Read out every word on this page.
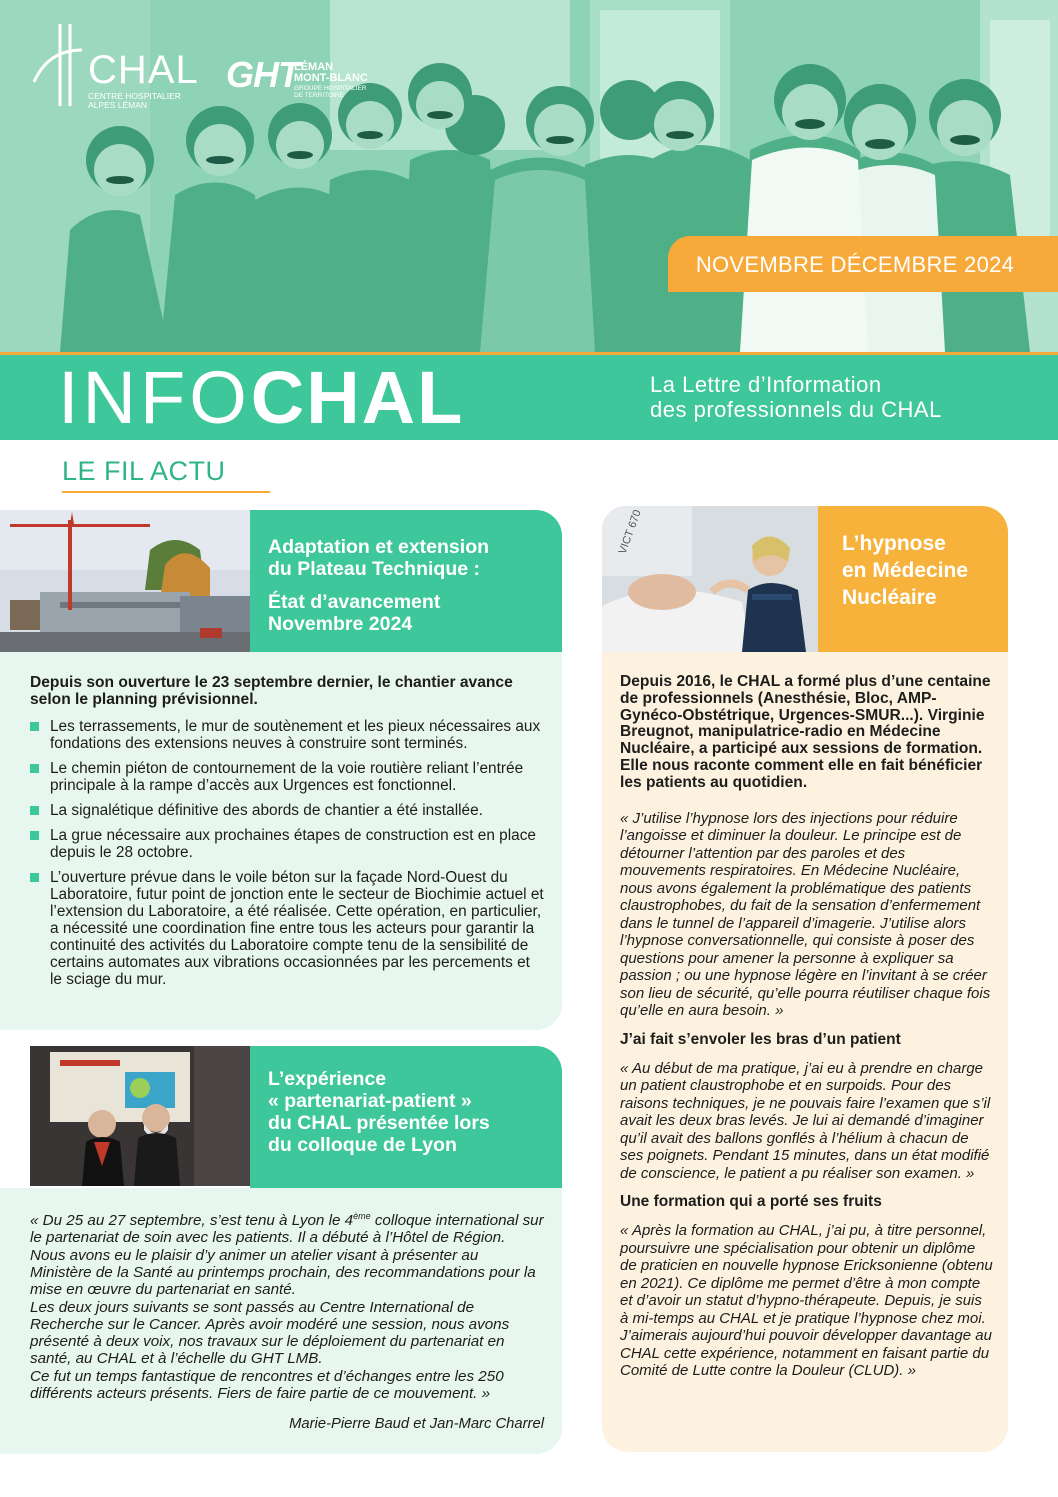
CHAL
CENTRE HOSPITALIER
ALPES LÉMAN
GHT
LÉMAN
MONT-BLANC
GROUPE HOSPITALIER
DE TERRITOIRE
NOVEMBRE DÉCEMBRE 2024
INFOCHAL	La Lettre d’Information
des professionnels du CHAL
LE FIL ACTU
Adaptation et extension
du Plateau Technique :
État d’avancement
Novembre 2024

Depuis son ouverture le 23 septembre dernier, le chantier avance selon le planning prévisionnel.

Les terrassements, le mur de soutènement et les pieux nécessaires aux fondations des extensions neuves à construire sont terminés.
Le chemin piéton de contournement de la voie routière reliant l’entrée principale à la rampe d’accès aux Urgences est fonctionnel.
La signalétique définitive des abords de chantier a été installée.
La grue nécessaire aux prochaines étapes de construction est en place depuis le 28 octobre.
L’ouverture prévue dans le voile béton sur la façade Nord-Ouest du Laboratoire, futur point de jonction ente le secteur de Biochimie actuel et l’extension du Laboratoire, a été réalisée. Cette opération, en particulier, a nécessité une coordination fine entre tous les acteurs pour garantir la continuité des activités du Laboratoire compte tenu de la sensibilité de certains automates aux vibrations occasionnées par les percements et le sciage du mur.
L’expérience
« partenariat-patient »
du CHAL présentée lors
du colloque de Lyon

« Du 25 au 27 septembre, s’est tenu à Lyon le 4ème colloque international sur le partenariat de soin avec les patients. Il a débuté à l’Hôtel de Région. Nous avons eu le plaisir d’y animer un atelier visant à présenter au Ministère de la Santé au printemps prochain, des recommandations pour la mise en œuvre du partenariat en santé.

Les deux jours suivants se sont passés au Centre International de Recherche sur le Cancer. Après avoir modéré une session, nous avons présenté à deux voix, nos travaux sur le déploiement du partenariat en santé, au CHAL et à l’échelle du GHT LMB.

Ce fut un temps fantastique de rencontres et d’échanges entre les 250 différents acteurs présents. Fiers de faire partie de ce mouvement. »

Marie-Pierre Baud et Jan-Marc Charrel

VICT 670	L’hypnose
en Médecine
Nucléaire

Depuis 2016, le CHAL a formé plus d’une centaine de professionnels (Anesthésie, Bloc, AMP-Gynéco-Obstétrique, Urgences-SMUR...). Virginie Breugnot, manipulatrice-radio en Médecine Nucléaire, a participé aux sessions de formation. Elle nous raconte comment elle en fait bénéficier les patients au quotidien.

« J’utilise l’hypnose lors des injections pour réduire l’angoisse et diminuer la douleur. Le principe est de détourner l’attention par des paroles et des mouvements respiratoires. En Médecine Nucléaire, nous avons également la problématique des patients claustrophobes, du fait de la sensation d’enfermement dans le tunnel de l’appareil d’imagerie. J’utilise alors l’hypnose conversationnelle, qui consiste à poser des questions pour amener la personne à expliquer sa passion ; ou une hypnose légère en l’invitant à se créer son lieu de sécurité, qu’elle pourra réutiliser chaque fois qu’elle en aura besoin. »

J’ai fait s’envoler les bras d’un patient

« Au début de ma pratique, j’ai eu à prendre en charge un patient claustrophobe et en surpoids. Pour des raisons techniques, je ne pouvais faire l’examen que s’il avait les deux bras levés. Je lui ai demandé d’imaginer qu’il avait des ballons gonflés à l’hélium à chacun de ses poignets. Pendant 15 minutes, dans un état modifié de conscience, le patient a pu réaliser son examen. »

Une formation qui a porté ses fruits

« Après la formation au CHAL, j’ai pu, à titre personnel, poursuivre une spécialisation pour obtenir un diplôme de praticien en nouvelle hypnose Ericksonienne (obtenu en 2021). Ce diplôme me permet d’être à mon compte et d’avoir un statut d’hypno-thérapeute. Depuis, je suis à mi-temps au CHAL et je pratique l’hypnose chez moi. J’aimerais aujourd’hui pouvoir développer davantage au CHAL cette expérience, notamment en faisant partie du Comité de Lutte contre la Douleur (CLUD). »
